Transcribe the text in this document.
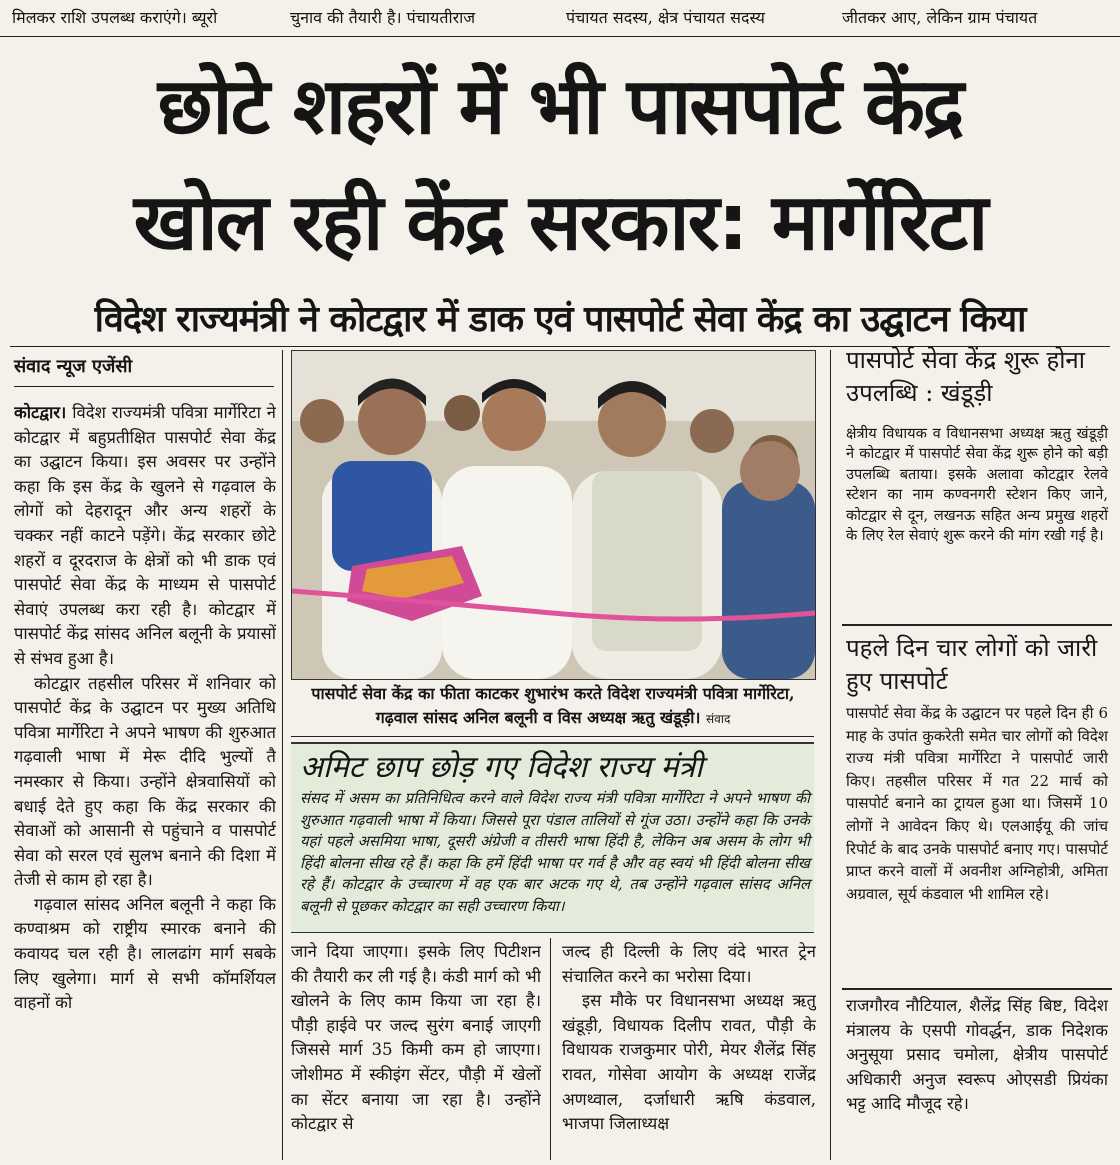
मिलकर राशि उपलब्ध कराएंगे। ब्यूरो	चुनाव की तैयारी है। पंचायतीराज	पंचायत सदस्य, क्षेत्र पंचायत सदस्य	जीतकर आए, लेकिन ग्राम पंचायत
छोटे शहरों में भी पासपोर्ट केंद्र
खोल रही केंद्र सरकार: मार्गेरिटा
विदेश राज्यमंत्री ने कोटद्वार में डाक एवं पासपोर्ट सेवा केंद्र का उद्घाटन किया
संवाद न्यूज एजेंसी

कोटद्वार। विदेश राज्यमंत्री पवित्रा मार्गेरिटा ने कोटद्वार में बहुप्रतीक्षित पासपोर्ट सेवा केंद्र का उद्घाटन किया। इस अवसर पर उन्होंने कहा कि इस केंद्र के खुलने से गढ़वाल के लोगों को देहरादून और अन्य शहरों के चक्कर नहीं काटने पड़ेंगे। केंद्र सरकार छोटे शहरों व दूरदराज के क्षेत्रों को भी डाक एवं पासपोर्ट सेवा केंद्र के माध्यम से पासपोर्ट सेवाएं उपलब्ध करा रही है। कोटद्वार में पासपोर्ट केंद्र सांसद अनिल बलूनी के प्रयासों से संभव हुआ है।

कोटद्वार तहसील परिसर में शनिवार को पासपोर्ट केंद्र के उद्घाटन पर मुख्य अतिथि पवित्रा मार्गेरिटा ने अपने भाषण की शुरुआत गढ़वाली भाषा में मेरू दीदि भुल्यों तै नमस्कार से किया। उन्होंने क्षेत्रवासियों को बधाई देते हुए कहा कि केंद्र सरकार की सेवाओं को आसानी से पहुंचाने व पासपोर्ट सेवा को सरल एवं सुलभ बनाने की दिशा में तेजी से काम हो रहा है।

गढ़वाल सांसद अनिल बलूनी ने कहा कि कण्वाश्रम को राष्ट्रीय स्मारक बनाने की कवायद चल रही है। लालढांग मार्ग सबके लिए खुलेगा। मार्ग से सभी कॉमर्शियल वाहनों को

पासपोर्ट सेवा केंद्र का फीता काटकर शुभारंभ करते विदेश राज्यमंत्री पवित्रा मार्गेरिटा, गढ़वाल सांसद अनिल बलूनी व विस अध्यक्ष ऋतु खंडूड़ी। संवाद
अमिट छाप छोड़ गए विदेश राज्य मंत्री
संसद में असम का प्रतिनिधित्व करने वाले विदेश राज्य मंत्री पवित्रा मार्गेरिटा ने अपने भाषण की शुरुआत गढ़वाली भाषा में किया। जिससे पूरा पंडाल तालियों से गूंज उठा। उन्होंने कहा कि उनके यहां पहले असमिया भाषा, दूसरी अंग्रेजी व तीसरी भाषा हिंदी है, लेकिन अब असम के लोग भी हिंदी बोलना सीख रहे हैं। कहा कि हमें हिंदी भाषा पर गर्व है और वह स्वयं भी हिंदी बोलना सीख रहे हैं। कोटद्वार के उच्चारण में वह एक बार अटक गए थे, तब उन्होंने गढ़वाल सांसद अनिल बलूनी से पूछकर कोटद्वार का सही उच्चारण किया।

जाने दिया जाएगा। इसके लिए पिटीशन की तैयारी कर ली गई है। कंडी मार्ग को भी खोलने के लिए काम किया जा रहा है। पौड़ी हाईवे पर जल्द सुरंग बनाई जाएगी जिससे मार्ग 35 किमी कम हो जाएगा। जोशीमठ में स्कीइंग सेंटर, पौड़ी में खेलों का सेंटर बनाया जा रहा है। उन्होंने कोटद्वार से

जल्द ही दिल्ली के लिए वंदे भारत ट्रेन संचालित करने का भरोसा दिया।

इस मौके पर विधानसभा अध्यक्ष ऋतु खंडूड़ी, विधायक दिलीप रावत, पौड़ी के विधायक राजकुमार पोरी, मेयर शैलेंद्र सिंह रावत, गोसेवा आयोग के अध्यक्ष राजेंद्र अणथ्वाल, दर्जाधारी ऋषि कंडवाल, भाजपा जिलाध्यक्ष

पासपोर्ट सेवा केंद्र शुरू होना उपलब्धि : खंडूड़ी
क्षेत्रीय विधायक व विधानसभा अध्यक्ष ऋतु खंडूड़ी ने कोटद्वार में पासपोर्ट सेवा केंद्र शुरू होने को बड़ी उपलब्धि बताया। इसके अलावा कोटद्वार रेलवे स्टेशन का नाम कण्वनगरी स्टेशन किए जाने, कोटद्वार से दून, लखनऊ सहित अन्य प्रमुख शहरों के लिए रेल सेवाएं शुरू करने की मांग रखी गई है।
पहले दिन चार लोगों को जारी हुए पासपोर्ट
पासपोर्ट सेवा केंद्र के उद्घाटन पर पहले दिन ही 6 माह के उपांत कुकरेती समेत चार लोगों को विदेश राज्य मंत्री पवित्रा मार्गेरिटा ने पासपोर्ट जारी किए। तहसील परिसर में गत 22 मार्च को पासपोर्ट बनाने का ट्रायल हुआ था। जिसमें 10 लोगों ने आवेदन किए थे। एलआईयू की जांच रिपोर्ट के बाद उनके पासपोर्ट बनाए गए। पासपोर्ट प्राप्त करने वालों में अवनीश अग्निहोत्री, अमिता अग्रवाल, सूर्य कंडवाल भी शामिल रहे।

राजगौरव नौटियाल, शैलेंद्र सिंह बिष्ट, विदेश मंत्रालय के एसपी गोवर्द्धन, डाक निदेशक अनुसूया प्रसाद चमोला, क्षेत्रीय पासपोर्ट अधिकारी अनुज स्वरूप ओएसडी प्रियंका भट्ट आदि मौजूद रहे।
